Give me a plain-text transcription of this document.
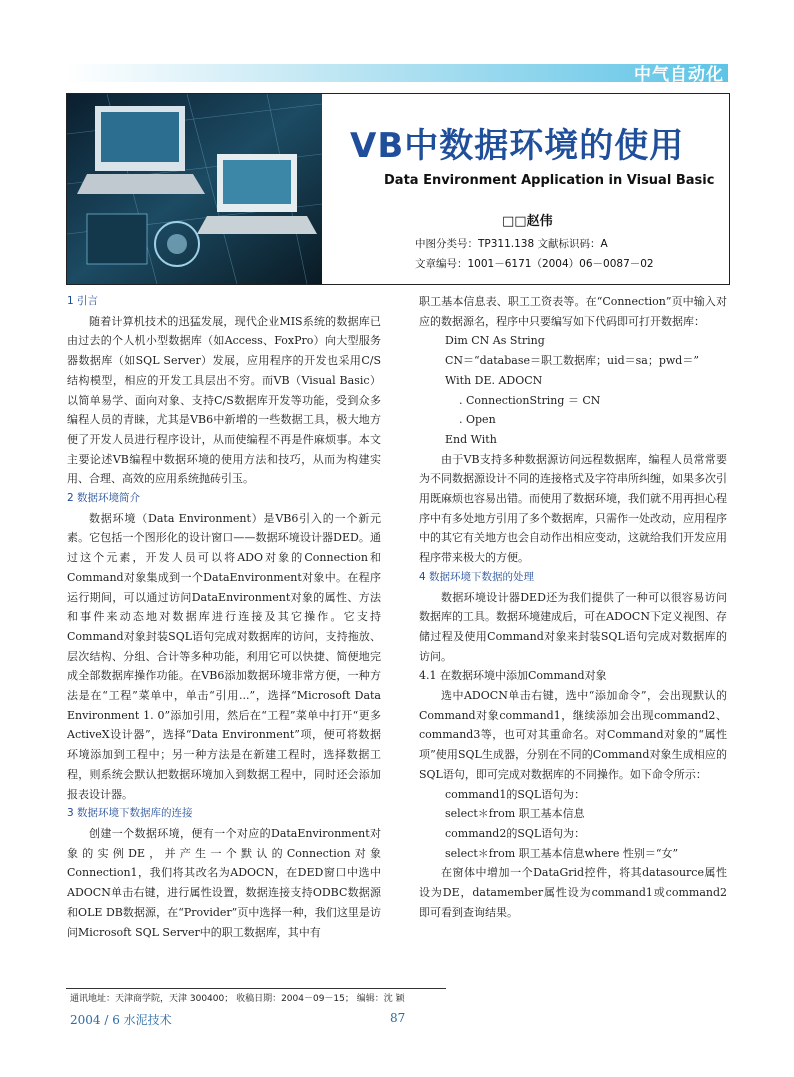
中气自动化
VB中数据环境的使用
Data Environment Application in Visual Basic
□□赵伟
中图分类号：TP311.138 文献标识码：A
文章编号：1001－6171（2004）06－0087－02

1 引言

随着计算机技术的迅猛发展，现代企业MIS系统的数据库已由过去的个人机小型数据库（如Access、FoxPro）向大型服务器数据库（如SQL Server）发展，应用程序的开发也采用C/S结构模型，相应的开发工具层出不穷。而VB（Visual Basic）以简单易学、面向对象、支持C/S数据库开发等功能，受到众多编程人员的青睐，尤其是VB6中新增的一些数据工具，极大地方便了开发人员进行程序设计，从而使编程不再是件麻烦事。本文主要论述VB编程中数据环境的使用方法和技巧，从而为构建实用、合理、高效的应用系统抛砖引玉。

2 数据环境简介

数据环境（Data Environment）是VB6引入的一个新元素。它包括一个图形化的设计窗口——数据环境设计器DED。通过这个元素，开发人员可以将ADO对象的Connection和Command对象集成到一个DataEnvironment对象中。在程序运行期间，可以通过访问DataEnvironment对象的属性、方法和事件来动态地对数据库进行连接及其它操作。它支持Command对象封装SQL语句完成对数据库的访问，支持拖放、层次结构、分组、合计等多种功能，利用它可以快捷、简便地完成全部数据库操作功能。在VB6添加数据环境非常方便，一种方法是在“工程”菜单中，单击“引用...”，选择“Microsoft Data Environment 1. 0”添加引用，然后在“工程”菜单中打开“更多ActiveX设计器”，选择“Data Environment”项，便可将数据环境添加到工程中；另一种方法是在新建工程时，选择数据工程，则系统会默认把数据环境加入到数据工程中，同时还会添加报表设计器。

3 数据环境下数据库的连接

创建一个数据环境，便有一个对应的DataEnvironment对象的实例DE，并产生一个默认的Connection对象Connection1，我们将其改名为ADOCN，在DED窗口中选中ADOCN单击右键，进行属性设置，数据连接支持ODBC数据源和OLE DB数据源，在“Provider”页中选择一种，我们这里是访问Microsoft SQL Server中的职工数据库，其中有

职工基本信息表、职工工资表等。在“Connection”页中输入对应的数据源名，程序中只要编写如下代码即可打开数据库：

Dim CN As String

CN＝“database＝职工数据库；uid＝sa；pwd＝”

With DE. ADOCN

. ConnectionString ＝ CN

. Open

End With

由于VB支持多种数据源访问远程数据库，编程人员常常要为不同数据源设计不同的连接格式及字符串所纠缠，如果多次引用既麻烦也容易出错。而使用了数据环境，我们就不用再担心程序中有多处地方引用了多个数据库，只需作一处改动，应用程序中的其它有关地方也会自动作出相应变动，这就给我们开发应用程序带来极大的方便。

4 数据环境下数据的处理

数据环境设计器DED还为我们提供了一种可以很容易访问数据库的工具。数据环境建成后，可在ADOCN下定义视图、存储过程及使用Command对象来封装SQL语句完成对数据库的访问。

4.1 在数据环境中添加Command对象

选中ADOCN单击右键，选中“添加命令”，会出现默认的Command对象command1，继续添加会出现command2、command3等，也可对其重命名。对Command对象的“属性项”使用SQL生成器，分别在不同的Command对象生成相应的SQL语句，即可完成对数据库的不同操作。如下命令所示：

command1的SQL语句为：

select＊from 职工基本信息

command2的SQL语句为：

select＊from 职工基本信息where 性别＝“女”

在窗体中增加一个DataGrid控件，将其datasource属性设为DE，datamember属性设为command1或command2即可看到查询结果。

通讯地址：天津商学院，天津 300400； 收稿日期：2004－09－15； 编辑：沈 颖
2004 / 6 水泥技术	87
